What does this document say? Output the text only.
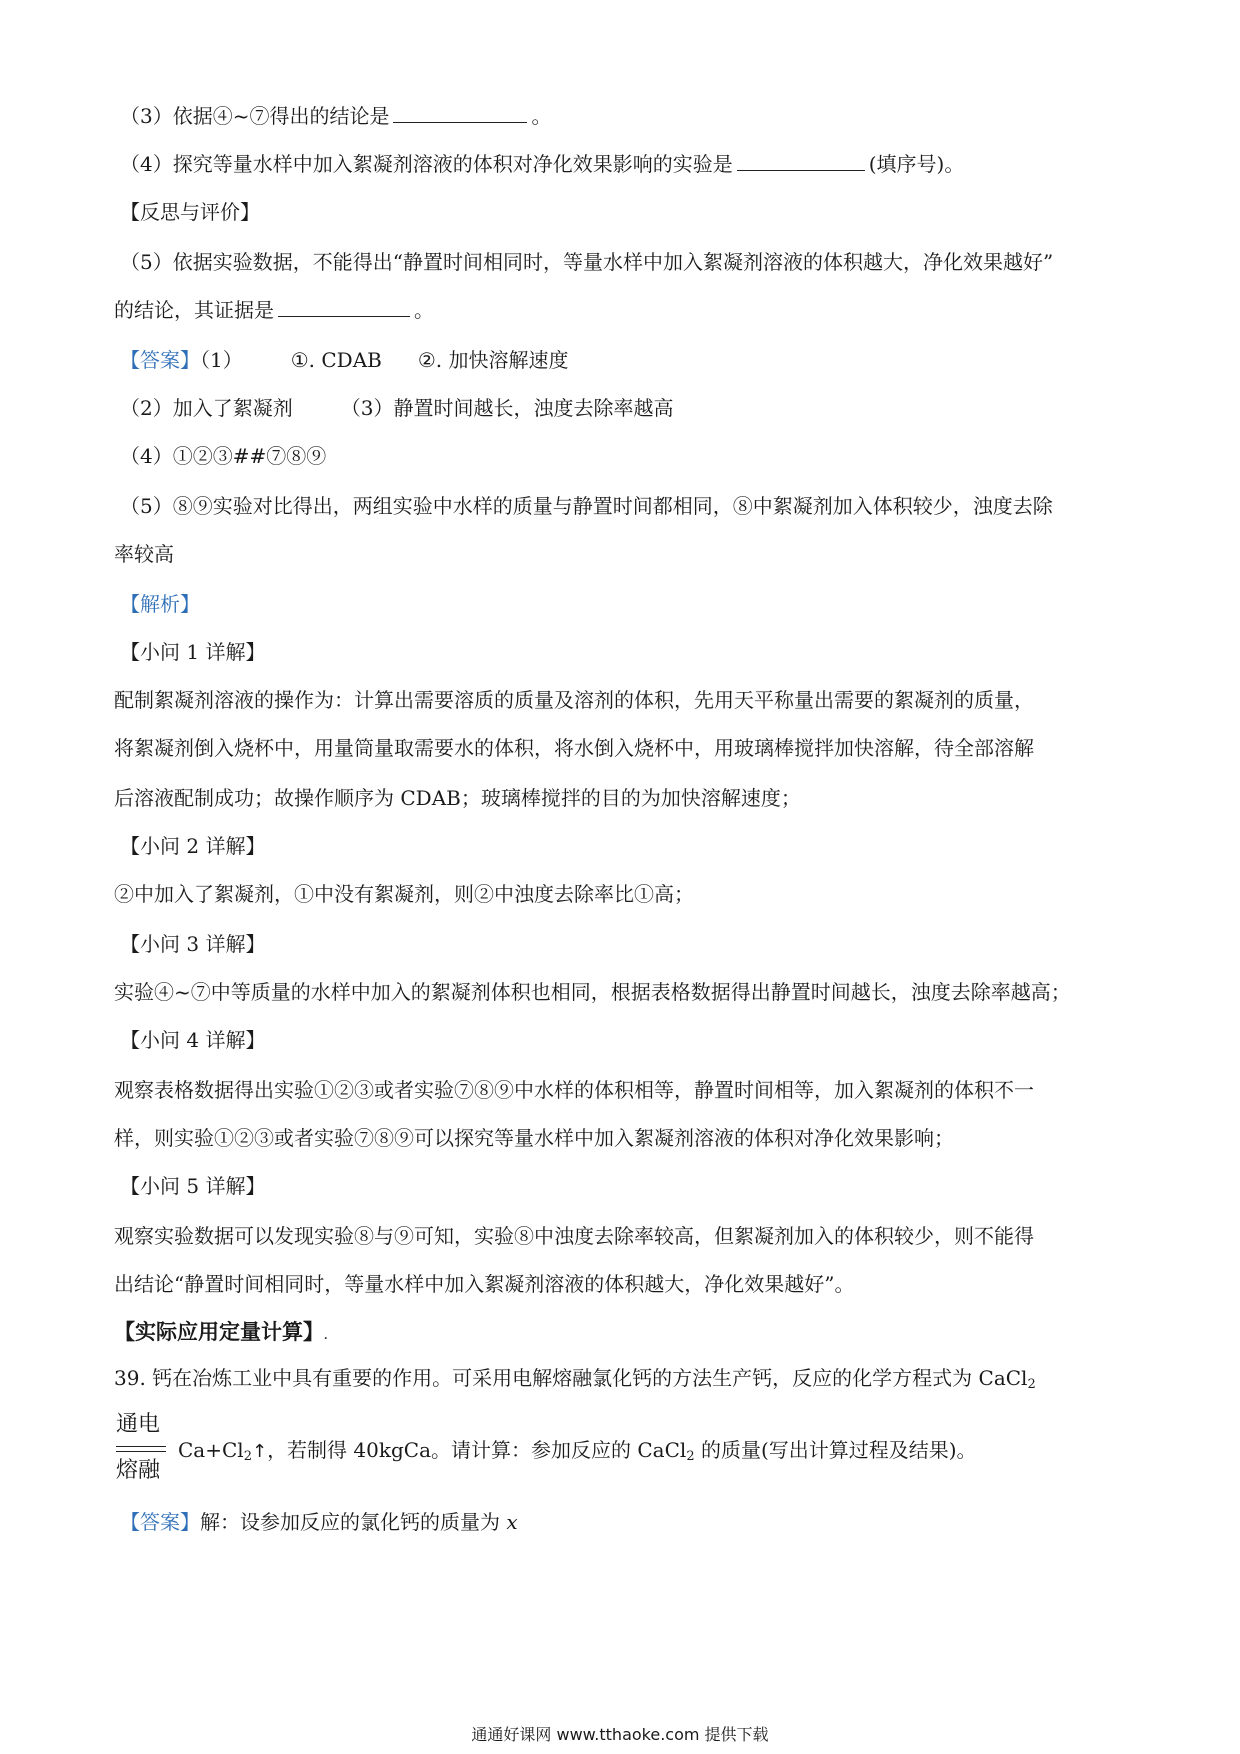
（3）依据④~⑦得出的结论是	。
（4）探究等量水样中加入絮凝剂溶液的体积对净化效果影响的实验是	(填序号)。
【反思与评价】
（5）依据实验数据，不能得出“静置时间相同时，等量水样中加入絮凝剂溶液的体积越大，净化效果越好”
的结论，其证据是	。
【答案】（1） ①. CDAB ②. 加快溶解速度
（2）加入了絮凝剂 （3）静置时间越长，浊度去除率越高
（4）①②③##⑦⑧⑨
（5）⑧⑨实验对比得出，两组实验中水样的质量与静置时间都相同，⑧中絮凝剂加入体积较少，浊度去除
率较高
【解析】
【小问 1 详解】
配制絮凝剂溶液的操作为：计算出需要溶质的质量及溶剂的体积，先用天平称量出需要的絮凝剂的质量，
将絮凝剂倒入烧杯中，用量筒量取需要水的体积，将水倒入烧杯中，用玻璃棒搅拌加快溶解，待全部溶解
后溶液配制成功；故操作顺序为 CDAB；玻璃棒搅拌的目的为加快溶解速度；
【小问 2 详解】
②中加入了絮凝剂，①中没有絮凝剂，则②中浊度去除率比①高；
【小问 3 详解】
实验④~⑦中等质量的水样中加入的絮凝剂体积也相同，根据表格数据得出静置时间越长，浊度去除率越高；
【小问 4 详解】
观察表格数据得出实验①②③或者实验⑦⑧⑨中水样的体积相等，静置时间相等，加入絮凝剂的体积不一
样，则实验①②③或者实验⑦⑧⑨可以探究等量水样中加入絮凝剂溶液的体积对净化效果影响；
【小问 5 详解】
观察实验数据可以发现实验⑧与⑨可知，实验⑧中浊度去除率较高，但絮凝剂加入的体积较少，则不能得
出结论“静置时间相同时，等量水样中加入絮凝剂溶液的体积越大，净化效果越好”。
【实际应用定量计算】.
39. 钙在冶炼工业中具有重要的作用。可采用电解熔融氯化钙的方法生产钙，反应的化学方程式为 CaCl$_2$
通电
熔融
$Ca+Cl_2↑$，若制得 40kgCa。请计算：参加反应的 CaCl$_2$ 的质量(写出计算过程及结果)。
【答案】解：设参加反应的氯化钙的质量为 x
通通好课网 www.tthaoke.com 提供下载
